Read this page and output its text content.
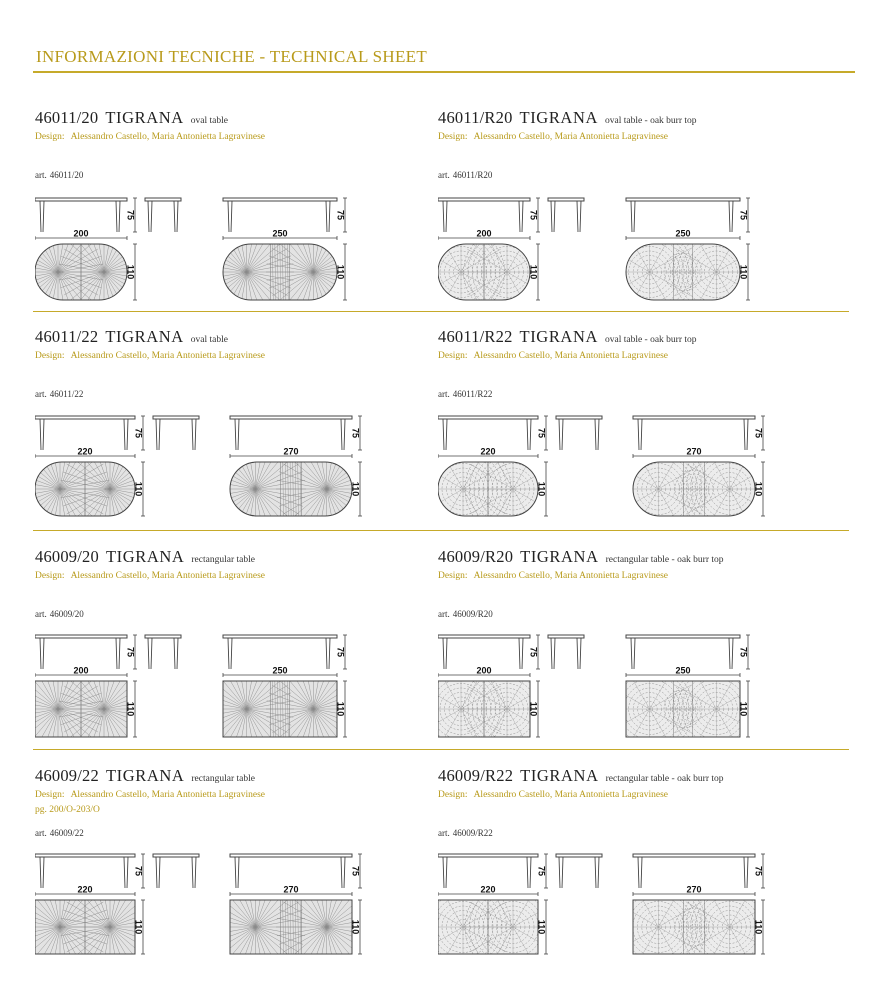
INFORMAZIONI TECNICHE - TECHNICAL SHEET
46011/20 TIGRANA oval table
Design: Alessandro Castello, Maria Antonietta Lagravinese
art. 46011/20
75	75
200
110
250
110
46011/R20 TIGRANA oval table - oak burr top
Design: Alessandro Castello, Maria Antonietta Lagravinese
art. 46011/R20
75	75
200
110
250
110
46011/22 TIGRANA oval table
Design: Alessandro Castello, Maria Antonietta Lagravinese
art. 46011/22
75	75
220
110
270
110
46011/R22 TIGRANA oval table - oak burr top
Design: Alessandro Castello, Maria Antonietta Lagravinese
art. 46011/R22
75	75
220
110
270
110
46009/20 TIGRANA rectangular table
Design: Alessandro Castello, Maria Antonietta Lagravinese
art. 46009/20
75	75
200
110
250
110
46009/R20 TIGRANA rectangular table - oak burr top
Design: Alessandro Castello, Maria Antonietta Lagravinese
art. 46009/R20
75	75
200
110
250
110
46009/22 TIGRANA rectangular table
Design: Alessandro Castello, Maria Antonietta Lagravinese
pg. 200/O-203/O
art. 46009/22
75	75
220
110
270
110
46009/R22 TIGRANA rectangular table - oak burr top
Design: Alessandro Castello, Maria Antonietta Lagravinese
art. 46009/R22
75	75
220
110
270
110
